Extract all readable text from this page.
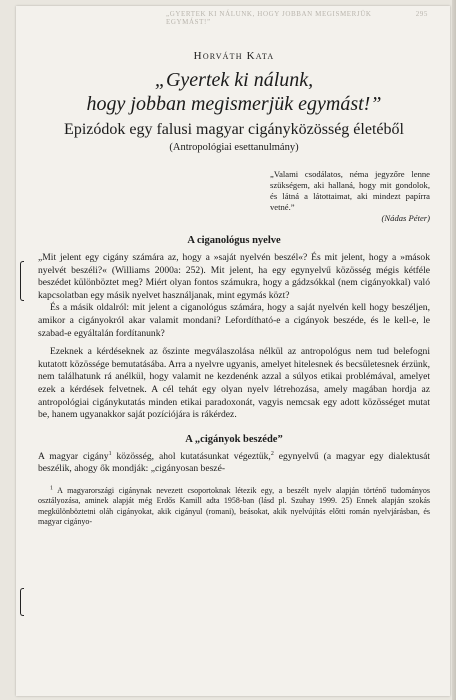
„GYERTEK KI NÁLUNK, HOGY JOBBAN MEGISMERJÜK EGYMÁST!”
295
Horváth Kata
„Gyertek ki nálunk,
hogy jobban megismerjük egymást!”
Epizódok egy falusi magyar cigányközösség életéből
(Antropológiai esettanulmány)
„Valami csodálatos, néma jegyzőre lenne szükségem, aki hallaná, hogy mit gondolok, és látná a látottaimat, aki mindezt papírra vetné.”
(Nádas Péter)
A ciganológus nyelve

„Mit jelent egy cigány számára az, hogy a »saját nyelvén beszél«? És mit jelent, hogy a »mások nyelvét beszéli?« (Williams 2000a: 252). Mit jelent, ha egy egynyelvű közösség mégis kétféle beszédet különböztet meg? Miért olyan fontos számukra, hogy a gádzsókkal (nem cigányokkal) való kapcsolatban egy másik nyelvet használjanak, mint egymás közt?

És a másik oldalról: mit jelent a ciganológus számára, hogy a saját nyelvén kell hogy beszéljen, amikor a cigányokról akar valamit mondani? Lefordítható-e a cigányok beszéde, és le kell-e, le szabad-e egyáltalán fordítanunk?

Ezeknek a kérdéseknek az őszinte megválaszolása nélkül az antropológus nem tud belefogni kutatott közössége bemutatásába. Arra a nyelvre ugyanis, amelyet hitelesnek és becsületesnek érzünk, nem találhatunk rá anélkül, hogy valamit ne kezdenénk azzal a súlyos etikai problémával, amelyet ezek a kérdések felvetnek. A cél tehát egy olyan nyelv létrehozása, amely magában hordja az antropológiai cigánykutatás minden etikai paradoxonát, vagyis nemcsak egy adott közösséget mutat be, hanem ugyanakkor saját pozíciójára is rákérdez.

A „cigányok beszéde”

A magyar cigány$^1$ közösség, ahol kutatásunkat végeztük,$^2$ egynyelvű (a magyar egy dialektusát beszélik, ahogy ők mondják: „cigányosan beszé-

$^1$ A magyarországi cigánynak nevezett csoportoknak létezik egy, a beszélt nyelv alapján történő tudományos osztályozása, aminek alapját még Erdős Kamill adta 1958-ban (lásd pl. Szuhay 1999. 25) Ennek alapján szokás megkülönböztetni oláh cigányokat, akik cigányul (romani), beásokat, akik nyelvújítás előtti román nyelvjárásban, és magyar cigányo-
